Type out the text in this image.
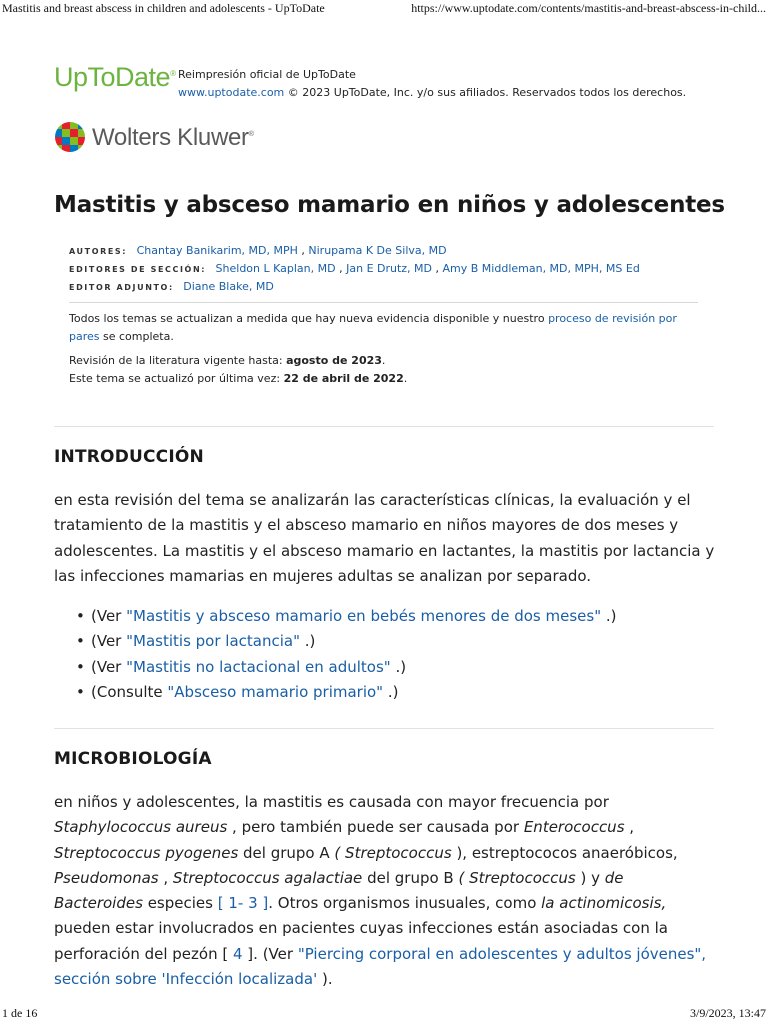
Mastitis and breast abscess in children and adolescents - UpToDate	https://www.uptodate.com/contents/mastitis-and-breast-abscess-in-child...
UpToDate® Reimpresión oficial de UpToDate
www.uptodate.com © 2023 UpToDate, Inc. y/o sus afiliados. Reservados todos los derechos.
Wolters Kluwer®
Mastitis y absceso mamario en niños y adolescentes
AUTORES: Chantay Banikarim, MD, MPH , Nirupama K De Silva, MD
EDITORES DE SECCIÓN: Sheldon L Kaplan, MD , Jan E Drutz, MD , Amy B Middleman, MD, MPH, MS Ed
EDITOR ADJUNTO: Diane Blake, MD

Todos los temas se actualizan a medida que hay nueva evidencia disponible y nuestro proceso de revisión por pares se completa.

Revisión de la literatura vigente hasta: agosto de 2023.
Este tema se actualizó por última vez: 22 de abril de 2022.
INTRODUCCIÓN

en esta revisión del tema se analizarán las características clínicas, la evaluación y el tratamiento de la mastitis y el absceso mamario en niños mayores de dos meses y adolescentes. La mastitis y el absceso mamario en lactantes, la mastitis por lactancia y las infecciones mamarias en mujeres adultas se analizan por separado.

• (Ver "Mastitis y absceso mamario en bebés menores de dos meses" .)
• (Ver "Mastitis por lactancia" .)
• (Ver "Mastitis no lactacional en adultos" .)
• (Consulte "Absceso mamario primario" .)
MICROBIOLOGÍA

en niños y adolescentes, la mastitis es causada con mayor frecuencia por Staphylococcus aureus , pero también puede ser causada por Enterococcus , Streptococcus pyogenes del grupo A ( Streptococcus ), estreptococos anaeróbicos, Pseudomonas , Streptococcus agalactiae del grupo B ( Streptococcus ) y de Bacteroides especies [ 1- 3 ]. Otros organismos inusuales, como la actinomicosis, pueden estar involucrados en pacientes cuyas infecciones están asociadas con la perforación del pezón [ 4 ]. (Ver "Piercing corporal en adolescentes y adultos jóvenes", sección sobre 'Infección localizada' ).

1 de 16	3/9/2023, 13:47
